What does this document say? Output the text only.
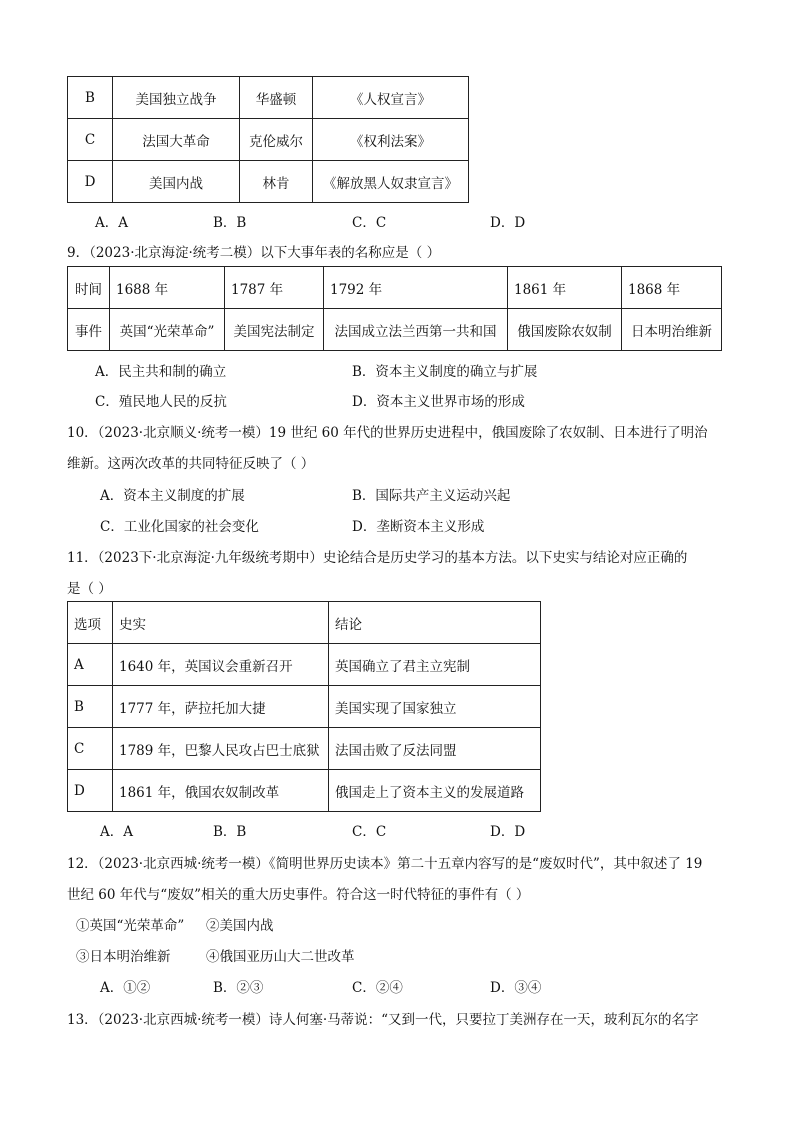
B	美国独立战争	华盛顿	《人权宣言》
C	法国大革命	克伦威尔	《权利法案》
D	美国内战	林肯	《解放黑人奴隶宣言》
A．A	B．B	C．C	D．D
9．（2023·北京海淀·统考二模）以下大事年表的名称应是（ ）
时间	1688 年	1787 年	1792 年	1861 年	1868 年
事件	英国“光荣革命”	美国宪法制定	法国成立法兰西第一共和国	俄国废除农奴制	日本明治维新
A．民主共和制的确立	B．资本主义制度的确立与扩展
C．殖民地人民的反抗	D．资本主义世界市场的形成
10．（2023·北京顺义·统考一模）19 世纪 60 年代的世界历史进程中，俄国废除了农奴制、日本进行了明治
维新。这两次改革的共同特征反映了（ ）
A．资本主义制度的扩展	B．国际共产主义运动兴起
C．工业化国家的社会变化	D．垄断资本主义形成
11．（2023下·北京海淀·九年级统考期中）史论结合是历史学习的基本方法。以下史实与结论对应正确的
是（ ）
选项	史实	结论
A	1640 年，英国议会重新召开	英国确立了君主立宪制
B	1777 年，萨拉托加大捷	美国实现了国家独立
C	1789 年，巴黎人民攻占巴士底狱	法国击败了反法同盟
D	1861 年，俄国农奴制改革	俄国走上了资本主义的发展道路
A．A	B．B	C．C	D．D
12．（2023·北京西城·统考一模）《简明世界历史读本》第二十五章内容写的是“废奴时代”，其中叙述了 19
世纪 60 年代与“废奴”相关的重大历史事件。符合这一时代特征的事件有（ ）
①英国“光荣革命” ②美国内战
③日本明治维新	④俄国亚历山大二世改革
A．①②	B．②③	C．②④	D．③④
13．（2023·北京西城·统考一模）诗人何塞·马蒂说：“又到一代，只要拉丁美洲存在一天，玻利瓦尔的名字
